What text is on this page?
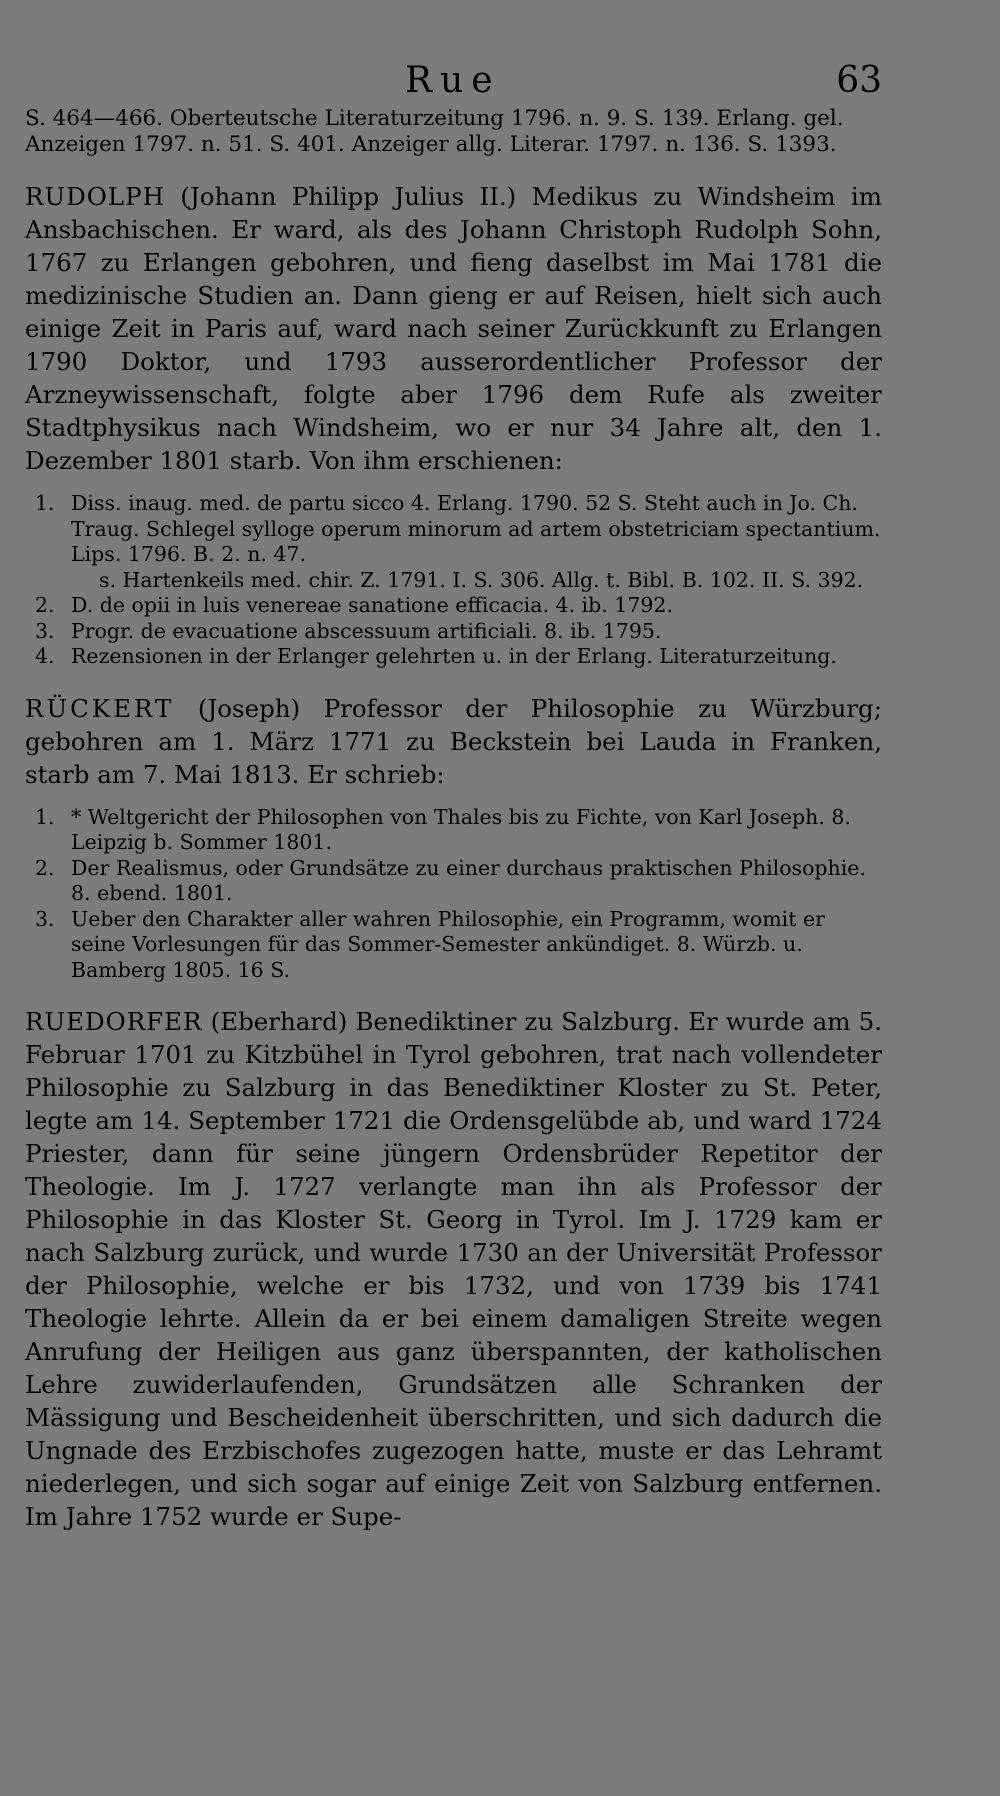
Rue	63

S. 464—466. Oberteutsche Literaturzeitung 1796. n. 9. S. 139. Erlang. gel. Anzeigen 1797. n. 51. S. 401. Anzeiger allg. Literar. 1797. n. 136. S. 1393.

RUDOLPH (Johann Philipp Julius II.) Medikus zu Windsheim im Ansbachischen. Er ward, als des Johann Christoph Rudolph Sohn, 1767 zu Erlangen gebohren, und fieng daselbst im Mai 1781 die medizinische Studien an. Dann gieng er auf Reisen, hielt sich auch einige Zeit in Paris auf, ward nach seiner Zurückkunft zu Erlangen 1790 Doktor, und 1793 ausserordentlicher Professor der Arzneywissenschaft, folgte aber 1796 dem Rufe als zweiter Stadtphysikus nach Windsheim, wo er nur 34 Jahre alt, den 1. Dezember 1801 starb. Von ihm erschienen:

1. Diss. inaug. med. de partu sicco 4. Erlang. 1790. 52 S. Steht auch in Jo. Ch. Traug. Schlegel sylloge operum minorum ad artem obstetriciam spectantium. Lips. 1796. B. 2. n. 47.
s. Hartenkeils med. chir. Z. 1791. I. S. 306. Allg. t. Bibl. B. 102. II. S. 392.
2. D. de opii in luis venereae sanatione efficacia. 4. ib. 1792.
3. Progr. de evacuatione abscessuum artificiali. 8. ib. 1795.
4. Rezensionen in der Erlanger gelehrten u. in der Erlang. Literaturzeitung.

RÜCKERT (Joseph) Professor der Philosophie zu Würzburg; gebohren am 1. März 1771 zu Beckstein bei Lauda in Franken, starb am 7. Mai 1813. Er schrieb:

1. * Weltgericht der Philosophen von Thales bis zu Fichte, von Karl Joseph. 8. Leipzig b. Sommer 1801.
2. Der Realismus, oder Grundsätze zu einer durchaus praktischen Philosophie. 8. ebend. 1801.
3. Ueber den Charakter aller wahren Philosophie, ein Programm, womit er seine Vorlesungen für das Sommer-Semester ankündiget. 8. Würzb. u. Bamberg 1805. 16 S.

RUEDORFER (Eberhard) Benediktiner zu Salzburg. Er wurde am 5. Februar 1701 zu Kitzbühel in Tyrol gebohren, trat nach vollendeter Philosophie zu Salzburg in das Benediktiner Kloster zu St. Peter, legte am 14. September 1721 die Ordensgelübde ab, und ward 1724 Priester, dann für seine jüngern Ordensbrüder Repetitor der Theologie. Im J. 1727 verlangte man ihn als Professor der Philosophie in das Kloster St. Georg in Tyrol. Im J. 1729 kam er nach Salzburg zurück, und wurde 1730 an der Universität Professor der Philosophie, welche er bis 1732, und von 1739 bis 1741 Theologie lehrte. Allein da er bei einem damaligen Streite wegen Anrufung der Heiligen aus ganz überspannten, der katholischen Lehre zuwiderlaufenden, Grundsätzen alle Schranken der Mässigung und Bescheidenheit überschritten, und sich dadurch die Ungnade des Erzbischofes zugezogen hatte, muste er das Lehramt niederlegen, und sich sogar auf einige Zeit von Salzburg entfernen. Im Jahre 1752 wurde er Supe-
